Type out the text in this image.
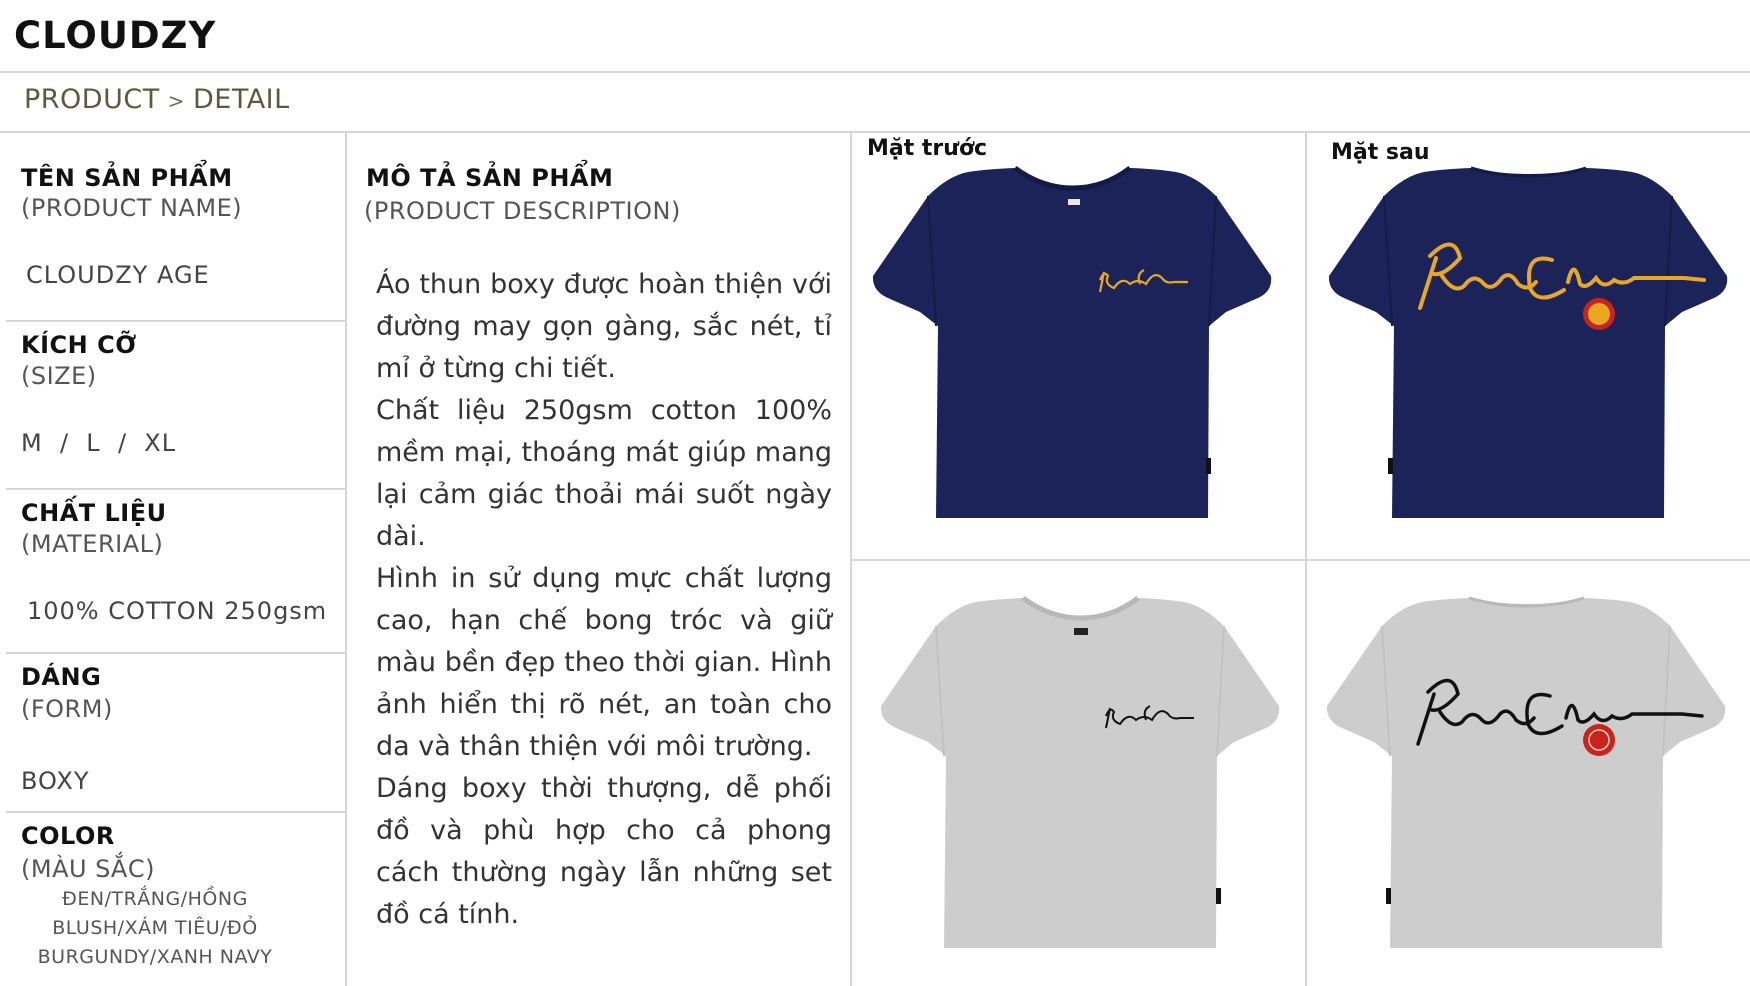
CLOUDZY
PRODUCT > DETAIL
TÊN SẢN PHẨM
(PRODUCT NAME)
CLOUDZY AGE
KÍCH CỠ
(SIZE)
M  /  L  /  XL
CHẤT LIỆU
(MATERIAL)
100% COTTON 250gsm
DÁNG
(FORM)
BOXY
COLOR
(MÀU SẮC)
ĐEN/TRẮNG/HỒNG
BLUSH/XÁM TIÊU/ĐỎ
BURGUNDY/XANH NAVY
MÔ TẢ SẢN PHẨM
(PRODUCT DESCRIPTION)

Áo thun boxy được hoàn thiện với đường may gọn gàng, sắc nét, tỉ mỉ ở từng chi tiết.

Chất liệu 250gsm cotton 100% mềm mại, thoáng mát giúp mang lại cảm giác thoải mái suốt ngày dài.

Hình in sử dụng mực chất lượng cao, hạn chế bong tróc và giữ màu bền đẹp theo thời gian. Hình ảnh hiển thị rõ nét, an toàn cho da và thân thiện với môi trường.

Dáng boxy thời thượng, dễ phối đồ và phù hợp cho cả phong cách thường ngày lẫn những set đồ cá tính.

Mặt trước	Mặt sau
